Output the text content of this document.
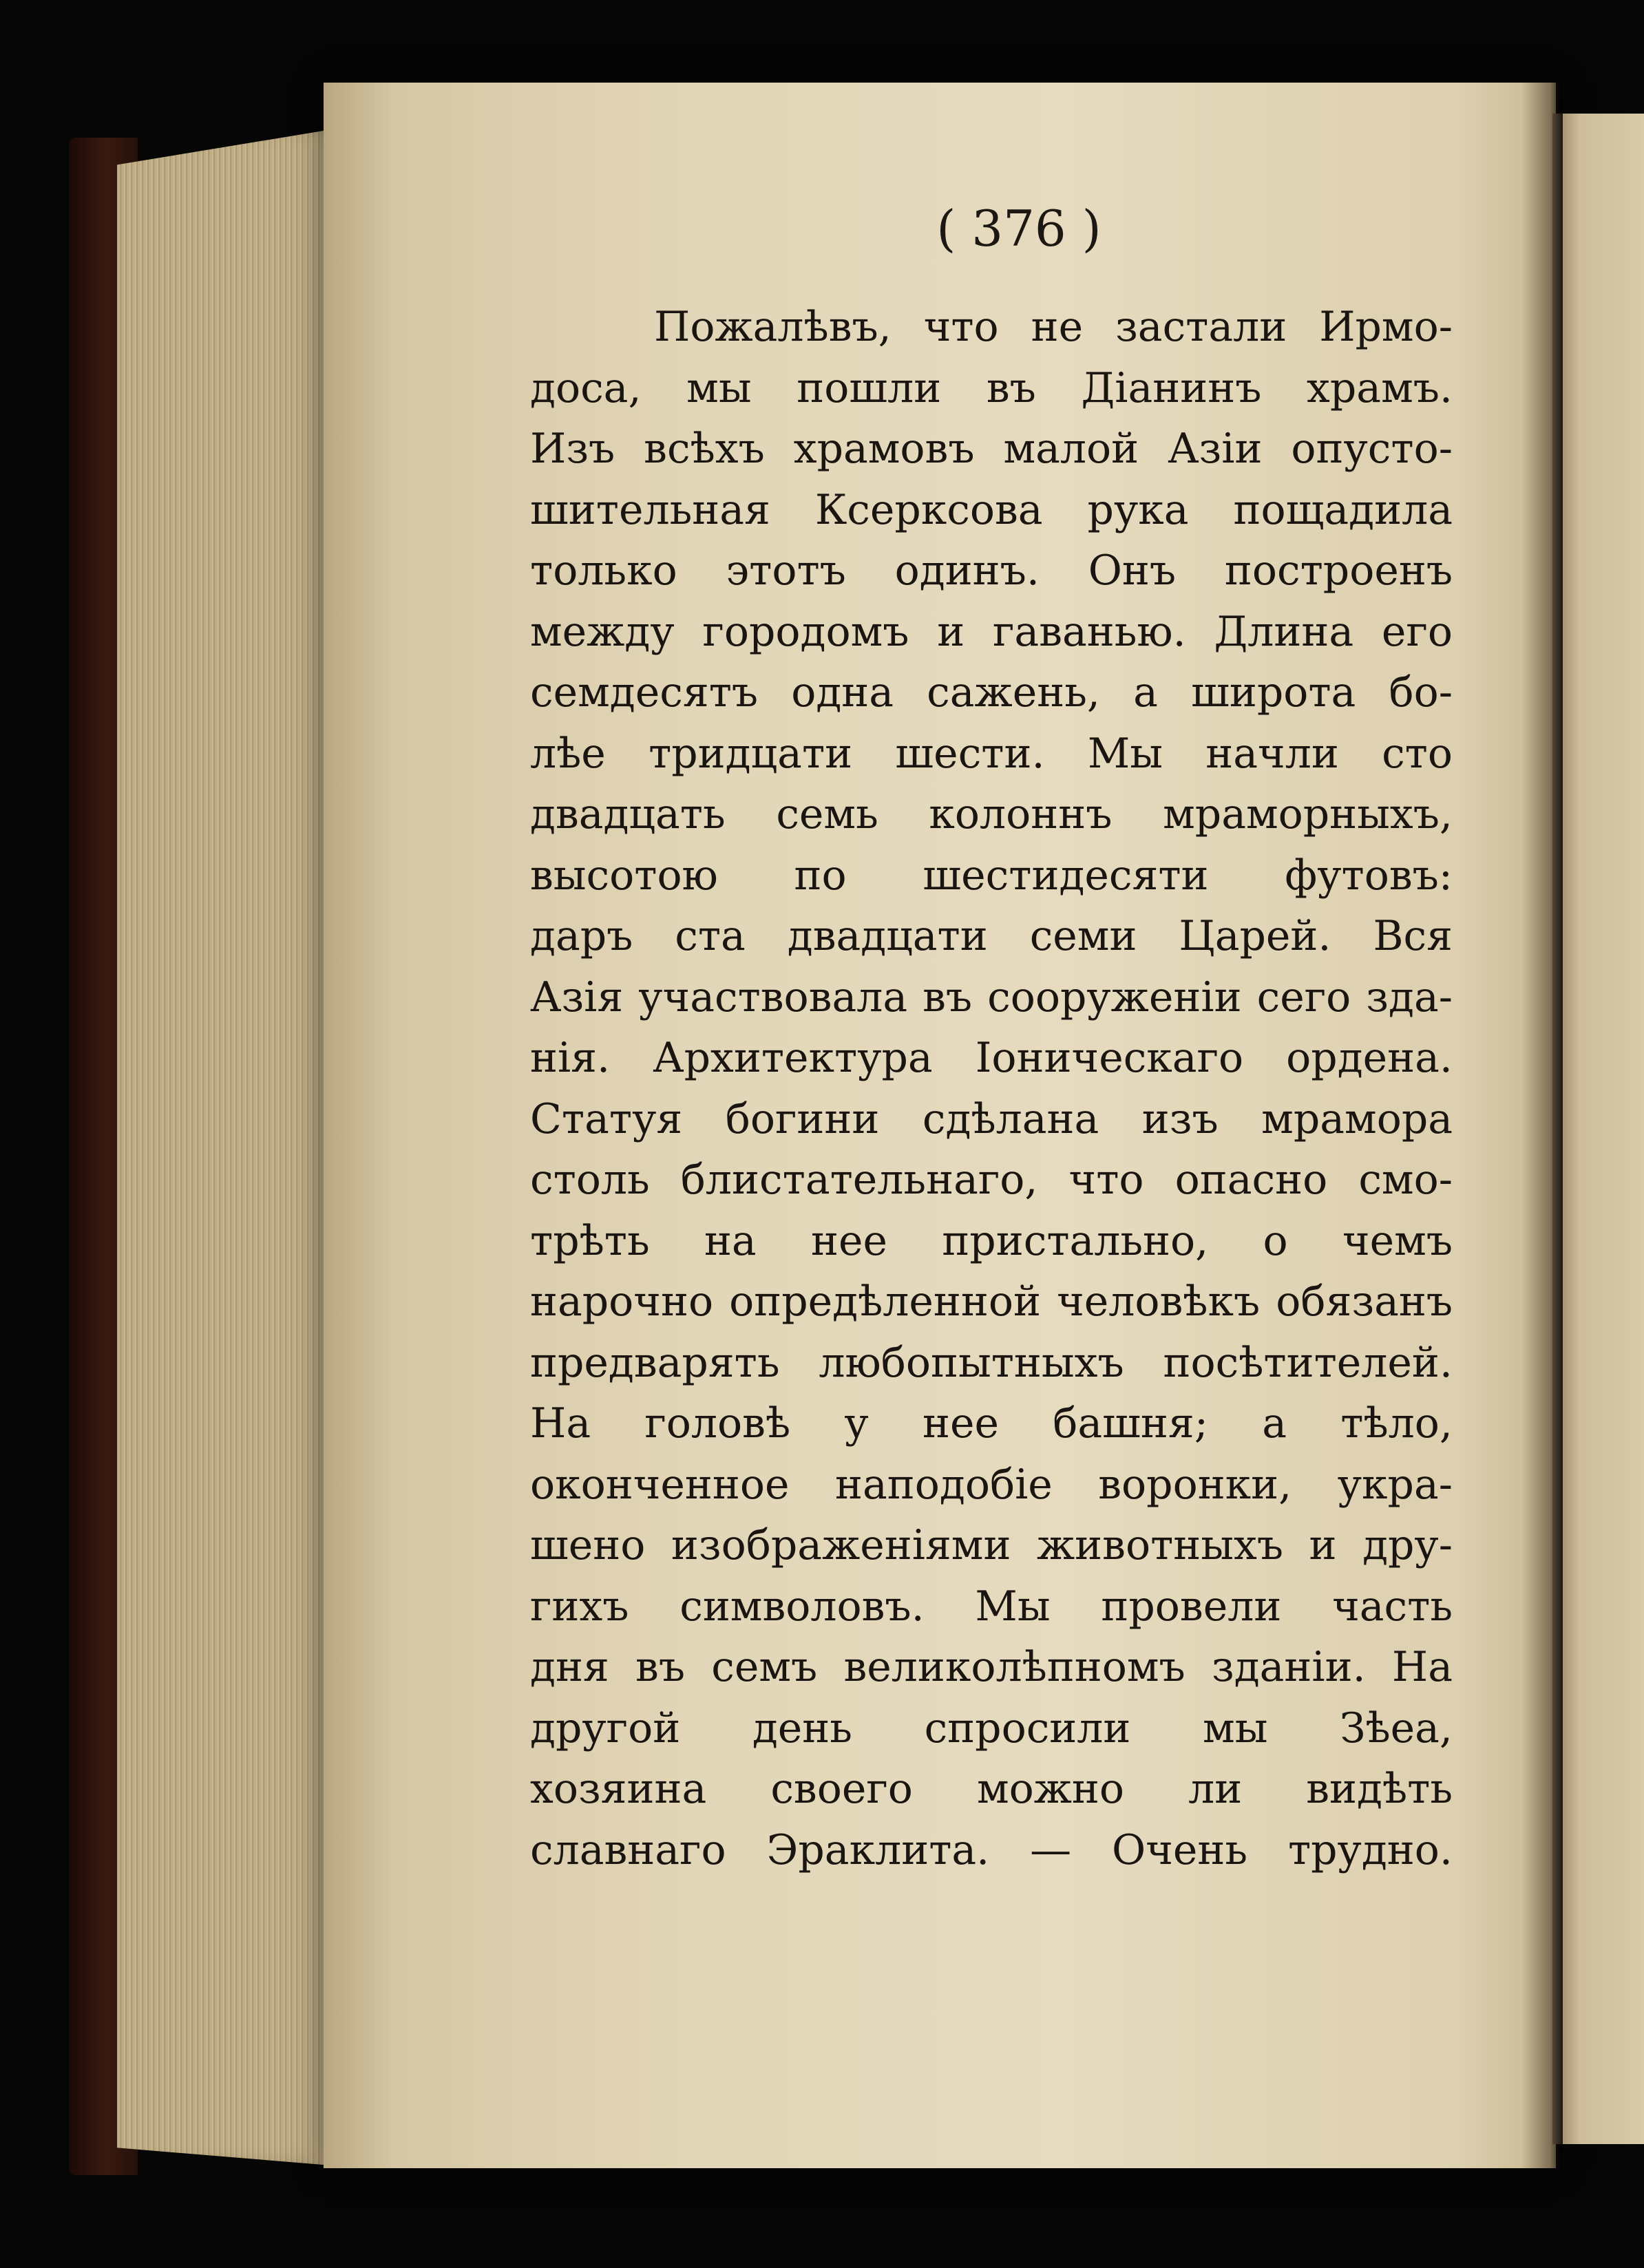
( 376 )
Пожалѣвъ, что не застали Ирмо-
доса, мы пошли въ Діанинъ храмъ.
Изъ всѣхъ храмовъ малой Азіи опусто-
шительная Ксерксова рука пощадила
только этотъ одинъ. Онъ построенъ
между городомъ и гаванью. Длина его
семдесятъ одна сажень, а широта бо-
лѣе тридцати шести. Мы начли сто
двадцать семь колоннъ мраморныхъ,
высотою по шестидесяти футовъ:
даръ ста двадцати семи Царей. Вся
Азія участвовала въ сооруженіи сего зда-
нія. Архитектура Іоническаго ордена.
Статуя богини сдѣлана изъ мрамора
столь блистательнаго, что опасно смо-
трѣть на нее пристально, о чемъ
нарочно опредѣленной человѣкъ обязанъ
предварять любопытныхъ посѣтителей.
На головѣ у нее башня; а тѣло,
оконченное наподобіе воронки, укра-
шено изображеніями животныхъ и дру-
гихъ символовъ. Мы провели часть
дня въ семъ великолѣпномъ зданіи. На
другой день спросили мы Зѣеа,
хозяина своего можно ли видѣть
славнаго Эраклита. — Очень трудно.
